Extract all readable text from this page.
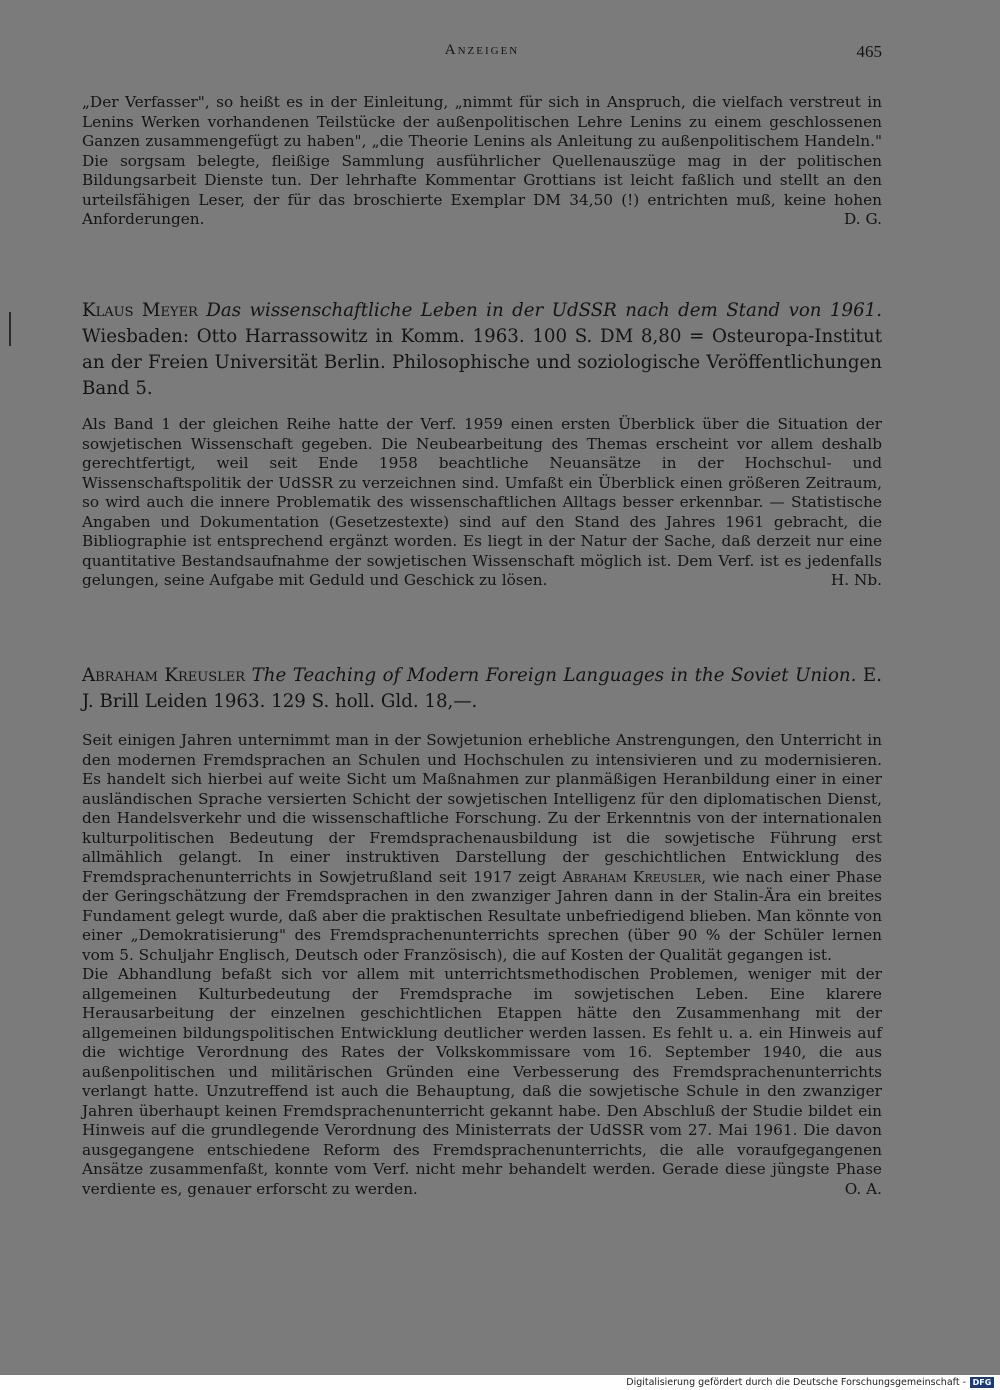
Anzeigen	465

„Der Verfasser", so heißt es in der Einleitung, „nimmt für sich in Anspruch, die vielfach verstreut in Lenins Werken vorhandenen Teilstücke der außenpolitischen Lehre Lenins zu einem geschlossenen Ganzen zusammengefügt zu haben", „die Theorie Lenins als Anleitung zu außenpolitischem Handeln." Die sorgsam belegte, fleißige Sammlung ausführlicher Quellenauszüge mag in der politischen Bildungsarbeit Dienste tun. Der lehrhafte Kommentar Grottians ist leicht faßlich und stellt an den urteilsfähigen Leser, der für das broschierte Exemplar DM 34,50 (!) entrichten muß, keine hohen Anforderungen.	D. G.

Klaus Meyer Das wissenschaftliche Leben in der UdSSR nach dem Stand von 1961. Wiesbaden: Otto Harrassowitz in Komm. 1963. 100 S. DM 8,80 = Osteuropa-Institut an der Freien Universität Berlin. Philosophische und soziologische Veröffentlichungen Band 5.

Als Band 1 der gleichen Reihe hatte der Verf. 1959 einen ersten Überblick über die Situation der sowjetischen Wissenschaft gegeben. Die Neubearbeitung des Themas erscheint vor allem deshalb gerechtfertigt, weil seit Ende 1958 beachtliche Neuansätze in der Hochschul- und Wissenschaftspolitik der UdSSR zu verzeichnen sind. Umfaßt ein Überblick einen größeren Zeitraum, so wird auch die innere Problematik des wissenschaftlichen Alltags besser erkennbar. — Statistische Angaben und Dokumentation (Gesetzestexte) sind auf den Stand des Jahres 1961 gebracht, die Bibliographie ist entsprechend ergänzt worden. Es liegt in der Natur der Sache, daß derzeit nur eine quantitative Bestandsaufnahme der sowjetischen Wissenschaft möglich ist. Dem Verf. ist es jedenfalls gelungen, seine Aufgabe mit Geduld und Geschick zu lösen.	H. Nb.

Abraham Kreusler The Teaching of Modern Foreign Languages in the Soviet Union. E. J. Brill Leiden 1963. 129 S. holl. Gld. 18,—.

Seit einigen Jahren unternimmt man in der Sowjetunion erhebliche Anstrengungen, den Unterricht in den modernen Fremdsprachen an Schulen und Hochschulen zu intensivieren und zu modernisieren. Es handelt sich hierbei auf weite Sicht um Maßnahmen zur planmäßigen Heranbildung einer in einer ausländischen Sprache versierten Schicht der sowjetischen Intelligenz für den diplomatischen Dienst, den Handelsverkehr und die wissenschaftliche Forschung. Zu der Erkenntnis von der internationalen kulturpolitischen Bedeutung der Fremdsprachenausbildung ist die sowjetische Führung erst allmählich gelangt. In einer instruktiven Darstellung der geschichtlichen Entwicklung des Fremdsprachenunterrichts in Sowjetrußland seit 1917 zeigt Abraham Kreusler, wie nach einer Phase der Geringschätzung der Fremdsprachen in den zwanziger Jahren dann in der Stalin-Ära ein breites Fundament gelegt wurde, daß aber die praktischen Resultate unbefriedigend blieben. Man könnte von einer „Demokratisierung" des Fremdsprachenunterrichts sprechen (über 90 % der Schüler lernen vom 5. Schuljahr Englisch, Deutsch oder Französisch), die auf Kosten der Qualität gegangen ist.
Die Abhandlung befaßt sich vor allem mit unterrichtsmethodischen Problemen, weniger mit der allgemeinen Kulturbedeutung der Fremdsprache im sowjetischen Leben. Eine klarere Herausarbeitung der einzelnen geschichtlichen Etappen hätte den Zusammenhang mit der allgemeinen bildungspolitischen Entwicklung deutlicher werden lassen. Es fehlt u. a. ein Hinweis auf die wichtige Verordnung des Rates der Volkskommissare vom 16. September 1940, die aus außenpolitischen und militärischen Gründen eine Verbesserung des Fremdsprachenunterrichts verlangt hatte. Unzutreffend ist auch die Behauptung, daß die sowjetische Schule in den zwanziger Jahren überhaupt keinen Fremdsprachenunterricht gekannt habe. Den Abschluß der Studie bildet ein Hinweis auf die grundlegende Verordnung des Ministerrats der UdSSR vom 27. Mai 1961. Die davon ausgegangene entschiedene Reform des Fremdsprachenunterrichts, die alle voraufgegangenen Ansätze zusammenfaßt, konnte vom Verf. nicht mehr behandelt werden. Gerade diese jüngste Phase verdiente es, genauer erforscht zu werden.	O. A.
Digitalisierung gefördert durch die Deutsche Forschungsgemeinschaft - DFG
